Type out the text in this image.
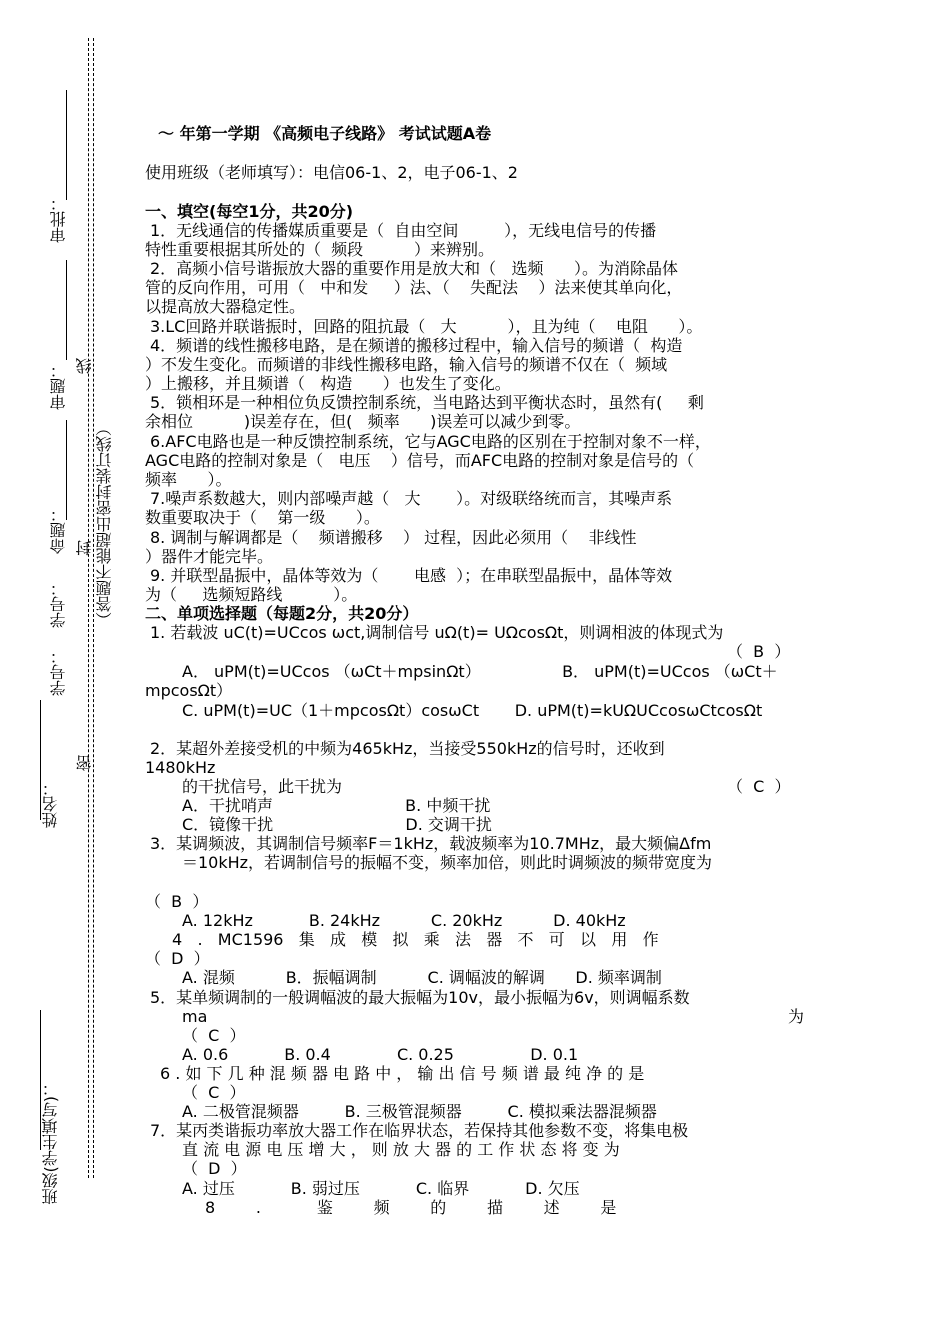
班级(学生填写)：
姓名：
学号：
学号：
命题：
审题：
审批：
（答题不能超出密封装订线）
密
封
线
～ 年第一学期 《高频电子线路》 考试试题A卷
使用班级（老师填写）：电信06-1、2，电子06-1、2
一、填空(每空1分，共20分)
1．无线通信的传播媒质重要是（  自由空间         ），无线电信号的传播
特性重要根据其所处的（  频段          ）来辨别。
2．高频小信号谐振放大器的重要作用是放大和（   选频      ）。为消除晶体
管的反向作用，可用（   中和发     ）法、（    失配法    ）法来使其单向化，
以提高放大器稳定性。
3.LC回路并联谐振时，回路的阻抗最（   大          ），且为纯（    电阻      ）。
4．频谱的线性搬移电路，是在频谱的搬移过程中，输入信号的频谱（  构造
）不发生变化。而频谱的非线性搬移电路，输入信号的频谱不仅在（  频域
）上搬移，并且频谱（   构造      ）也发生了变化。
5．锁相环是一种相位负反馈控制系统，当电路达到平衡状态时，虽然有(     剩
余相位          )误差存在，但(   频率      )误差可以减少到零。
6.AFC电路也是一种反馈控制系统，它与AGC电路的区别在于控制对象不一样，
AGC电路的控制对象是（   电压    ）信号，而AFC电路的控制对象是信号的（
频率      ）。
7.噪声系数越大，则内部噪声越（   大       ）。对级联络统而言，其噪声系
数重要取决于（    第一级      ）。
8. 调制与解调都是（    频谱搬移    ） 过程，因此必须用（    非线性
）器件才能完毕。
9. 并联型晶振中，晶体等效为（       电感  ）；在串联型晶振中，晶体等效
为（     选频短路线          ）。
二、单项选择题（每题2分，共20分）
1. 若载波 uC(t)=UCcos ωct,调制信号 uΩ(t)= UΩcosΩt，则调相波的体现式为
（  B  ）
A． uPM(t)=UCcos （ωCt＋mpsinΩt）                B． uPM(t)=UCcos （ωCt＋
mpcosΩt）
C. uPM(t)=UC（1＋mpcosΩt）cosωCt       D. uPM(t)=kUΩUCcosωCtcosΩt
2．某超外差接受机的中频为465kHz，当接受550kHz的信号时，还收到
1480kHz
的干扰信号，此干扰为	（  C  ）
A．干扰哨声                          B. 中频干扰
C．镜像干扰                          D. 交调干扰
3．某调频波，其调制信号频率F＝1kHz，载波频率为10.7MHz，最大频偏Δfm
＝10kHz，若调制信号的振幅不变，频率加倍，则此时调频波的频带宽度为
（  B  ）
A. 12kHz           B. 24kHz          C. 20kHz          D. 40kHz
4   .   MC1596   集   成   模   拟   乘   法   器   不   可   以   用   作
（  D  ）
A. 混频          B．振幅调制          C. 调幅波的解调      D. 频率调制
5．某单频调制的一般调幅波的最大振幅为10v，最小振幅为6v，则调幅系数
ma	为
（  C  ）
A. 0.6           B. 0.4             C. 0.25               D. 0.1
6 . 如 下 几 种 混 频 器 电 路 中 ， 输 出 信 号 频 谱 最 纯 净 的 是
（  C  ）
A. 二极管混频器         B. 三极管混频器         C. 模拟乘法器混频器
7．某丙类谐振功率放大器工作在临界状态，若保持其他参数不变，将集电极
直 流 电 源 电 压 增 大 ， 则 放 大 器 的 工 作 状 态 将 变 为
（  D  ）
A. 过压           B. 弱过压           C. 临界           D. 欠压
8        .           鉴        频        的        描        述        是
